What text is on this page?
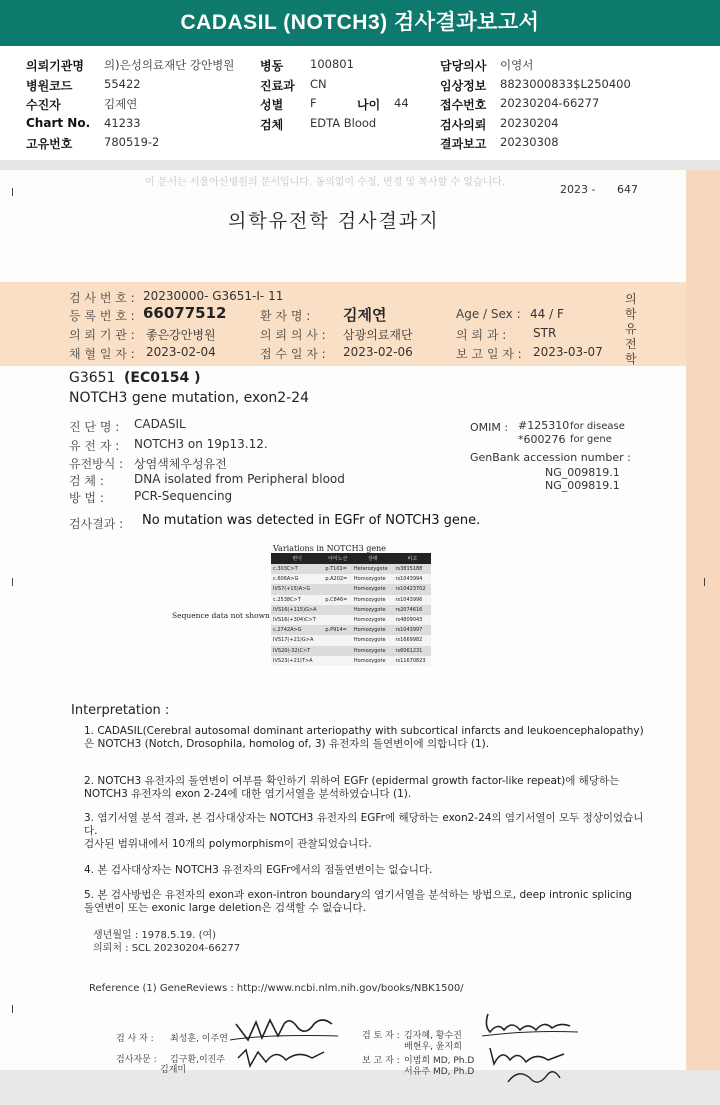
CADASIL (NOTCH3) 검사결과보고서
의뢰기관명 의)은성의료재단 강안병원
병원코드	55422
수진자	김제연
Chart No. 41233
고유번호	780519-2
병동 100801
진료과 CN
성별 F	나이 44
검체 EDTA Blood
담당의사 이영서
임상정보 8823000833$L250400
접수번호 20230204-66277
검사의뢰 20230204
결과보고 20230308
이 문서는 서울아산병원의 문서입니다. 동의없이 수정, 변경 및 복사할 수 없습니다.
2023 - 647
의학유전학 검사결과지
의
학
유
전
학
검 사 번 호 : 20230000- G3651-I- 11
등 록 번 호 : 66077512	환 자 명 : 김제연	Age / Sex : 44 / F
의 뢰 기 관 : 좋은강안병원	의 뢰 의 사 : 삼광의료재단	의 뢰 과 : STR
채 혈 일 자 : 2023-02-04	접 수 일 자 : 2023-02-06	보 고 일 자 : 2023-03-07
G3651 (EC0154 )
NOTCH3 gene mutation, exon2-24
진 단 명 : CADASIL
유 전 자 : NOTCH3 on 19p13.12.
유전방식 : 상염색체우성유전
검 체 :	DNA isolated from Peripheral blood
방 법 :	PCR-Sequencing
OMIM : #125310 for disease
*600276 for gene
GenBank accession number :
NG_009819.1
NG_009819.1
검사결과 : No mutation was detected in EGFr of NOTCH3 gene.
Variations in NOTCH3 gene
Sequence data not shown
변이	아미노산	상태	비고
c.303C>T	p.T101=	Heterozygote	rs3815188
c.606A>G	p.A202=	Homozygote	rs1043994
IVS7(+15)A>G		Homozygote	rs10423702
c.2538C>T	p.C846=	Homozygote	rs1043996
IVS16(+115)G>A		Homozygote	rs2074616
IVS16(+304)C>T		Homozygote	rs4809043
c.2742A>G	p.P914=	Homozygote	rs1043997
IVS17(+21)G>A		Homozygote	rs1669982
IVS20(-32)C>T		Homozygote	rs6061231
IVS23(+21)T>A		Homozygote	rs11670823
Interpretation :
1. CADASIL(Cerebral autosomal dominant arteriopathy with subcortical infarcts and leukoencephalopathy)은 NOTCH3 (Notch, Drosophila, homolog of, 3) 유전자의 돌연변이에 의합니다 (1).
2. NOTCH3 유전자의 돌연변이 여부를 확인하기 위하여 EGFr (epidermal growth factor-like repeat)에 해당하는 NOTCH3 유전자의 exon 2-24에 대한 염기서열을 분석하였습니다 (1).
3. 염기서열 분석 결과, 본 검사대상자는 NOTCH3 유전자의 EGFr에 해당하는 exon2-24의 염기서열이 모두 정상이었습니다.
검사된 범위내에서 10개의 polymorphism이 관찰되었습니다.
4. 본 검사대상자는 NOTCH3 유전자의 EGFr에서의 점돌연변이는 없습니다.
5. 본 검사방법은 유전자의 exon과 exon-intron boundary의 염기서열을 분석하는 방법으로, deep intronic splicing 돌연변이 또는 exonic large deletion은 검색할 수 없습니다.
생년월일 : 1978.5.19. (여)
의뢰처 : SCL 20230204-66277
Reference (1) GeneReviews : http://www.ncbi.nlm.nih.gov/books/NBK1500/
검 사 자 : 최성훈, 이주연
검사자문 : 김구환,이진주
김재미
검 토 자 : 김자혜, 황수진
배현우, 윤지희
보 고 자 : 이범희 MD, Ph.D
서유주 MD, Ph.D
